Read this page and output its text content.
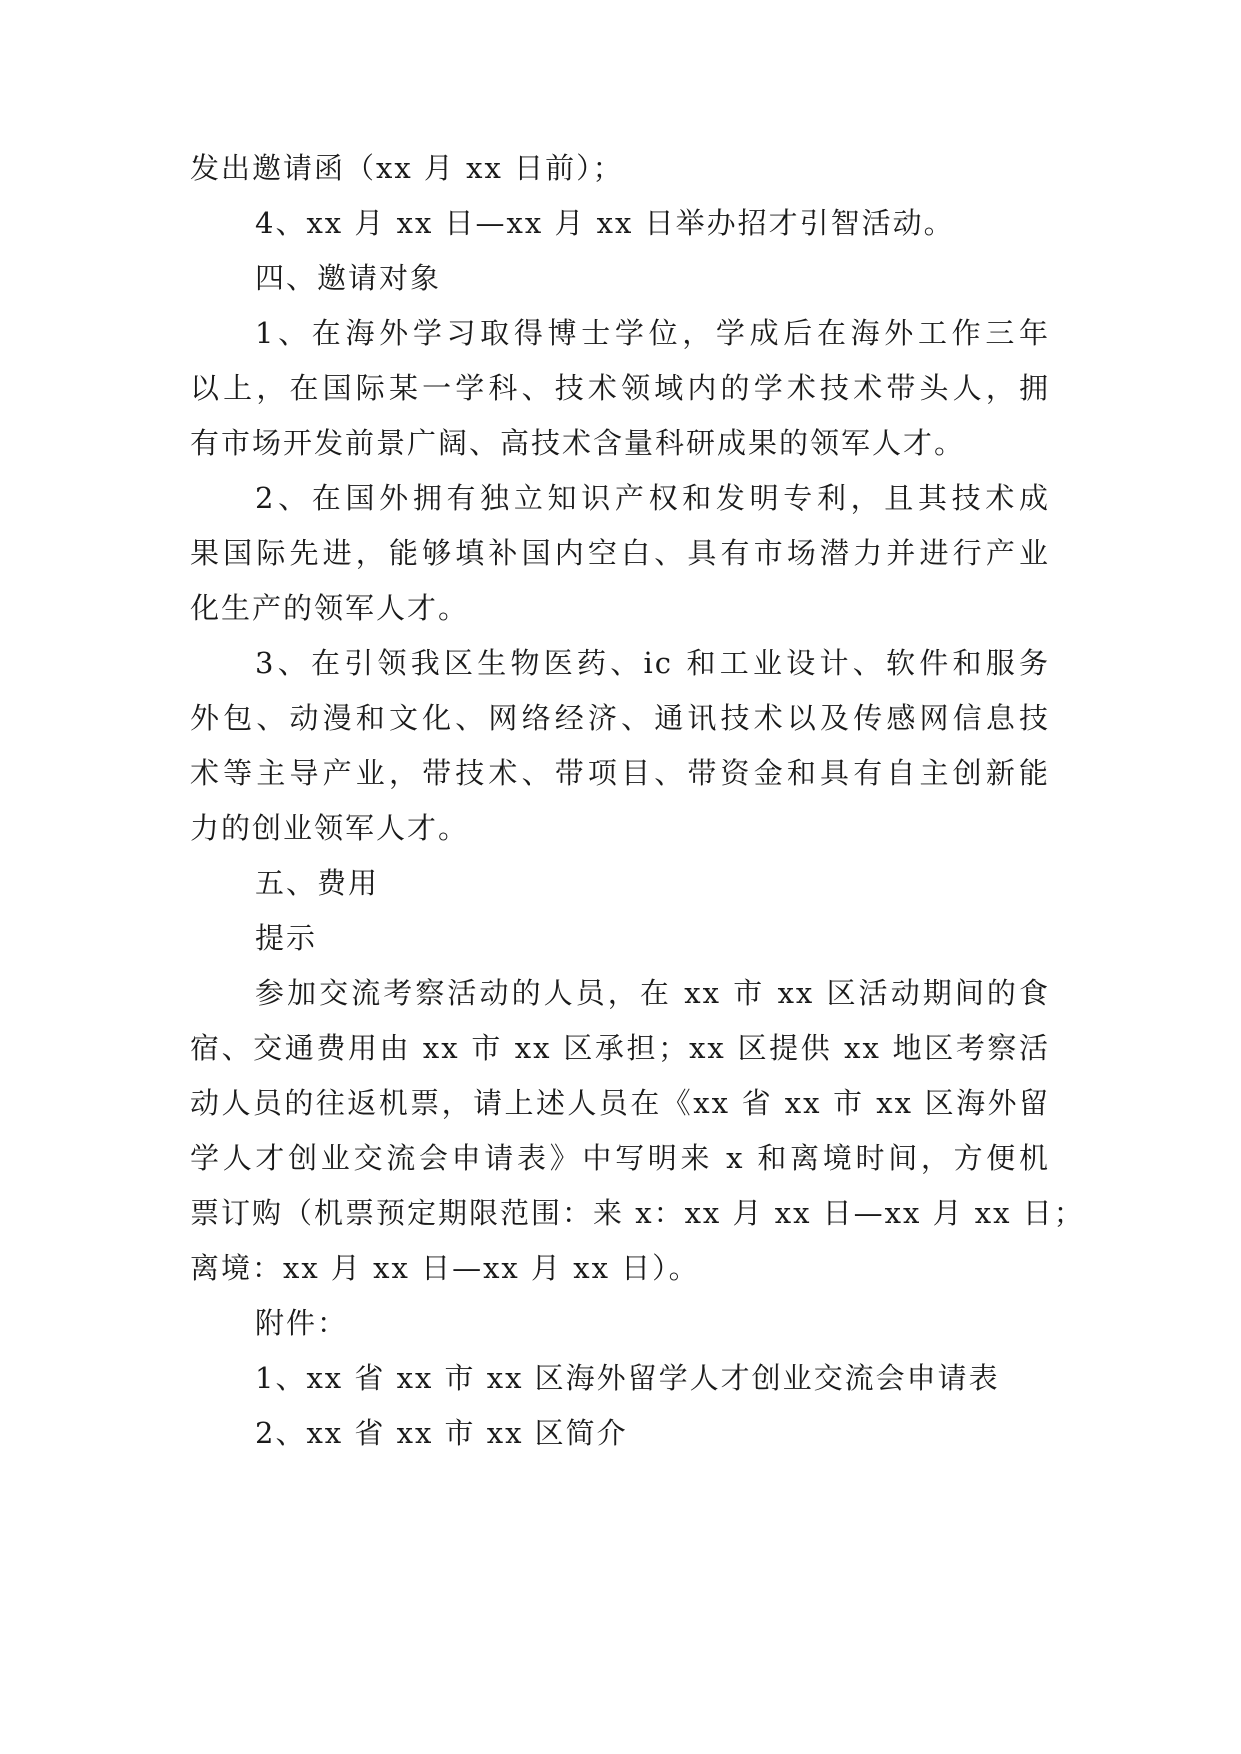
发出邀请函（xx 月 xx 日前）；

4、xx 月 xx 日—xx 月 xx 日举办招才引智活动。

四、邀请对象

1、在海外学习取得博士学位，学成后在海外工作三年

以上，在国际某一学科、技术领域内的学术技术带头人，拥

有市场开发前景广阔、高技术含量科研成果的领军人才。

2、在国外拥有独立知识产权和发明专利，且其技术成

果国际先进，能够填补国内空白、具有市场潜力并进行产业

化生产的领军人才。

3、在引领我区生物医药、ic 和工业设计、软件和服务

外包、动漫和文化、网络经济、通讯技术以及传感网信息技

术等主导产业，带技术、带项目、带资金和具有自主创新能

力的创业领军人才。

五、费用

提示

参加交流考察活动的人员，在 xx 市 xx 区活动期间的食

宿、交通费用由 xx 市 xx 区承担；xx 区提供 xx 地区考察活

动人员的往返机票，请上述人员在《xx 省 xx 市 xx 区海外留

学人才创业交流会申请表》中写明来 x 和离境时间，方便机

票订购（机票预定期限范围：来 x：xx 月 xx 日—xx 月 xx 日；

离境：xx 月 xx 日—xx 月 xx 日）。

附件：

1、xx 省 xx 市 xx 区海外留学人才创业交流会申请表

2、xx 省 xx 市 xx 区简介
